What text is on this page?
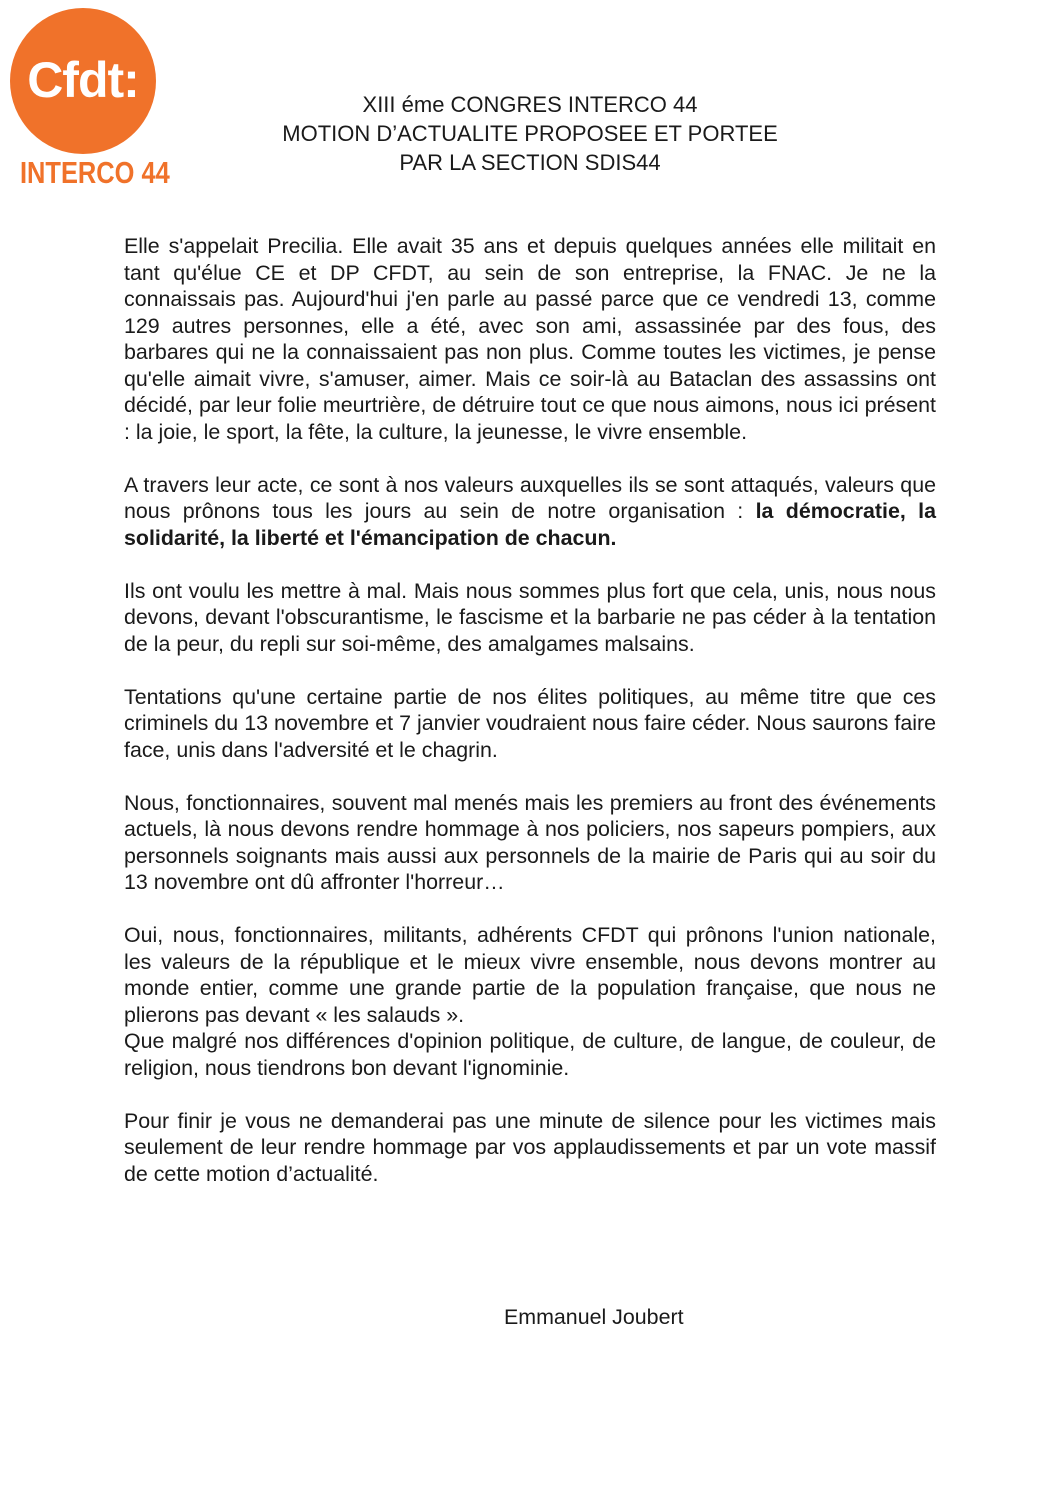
Cfdt:
INTERCO 44
XIII éme CONGRES INTERCO 44
MOTION D’ACTUALITE PROPOSEE ET PORTEE
PAR LA SECTION SDIS44

Elle s'appelait Precilia. Elle avait 35 ans et depuis quelques années elle militait en tant qu'élue CE et DP CFDT, au sein de son entreprise, la FNAC. Je ne la connaissais pas. Aujourd'hui j'en parle au passé parce que ce vendredi 13, comme 129 autres personnes, elle a été, avec son ami, assassinée par des fous, des barbares qui ne la connaissaient pas non plus. Comme toutes les victimes, je pense qu'elle aimait vivre, s'amuser, aimer. Mais ce soir-là au Bataclan des assassins ont décidé, par leur folie meurtrière, de détruire tout ce que nous aimons, nous ici présent : la joie, le sport, la fête, la culture, la jeunesse, le vivre ensemble.

A travers leur acte, ce sont à nos valeurs auxquelles ils se sont attaqués, valeurs que nous prônons tous les jours au sein de notre organisation : la démocratie, la solidarité, la liberté et l'émancipation de chacun.

Ils ont voulu les mettre à mal. Mais nous sommes plus fort que cela, unis, nous nous devons, devant l'obscurantisme, le fascisme et la barbarie ne pas céder à la tentation de la peur, du repli sur soi-même, des amalgames malsains.

Tentations qu'une certaine partie de nos élites politiques, au même titre que ces criminels du 13 novembre et 7 janvier voudraient nous faire céder. Nous saurons faire face, unis dans l'adversité et le chagrin.

Nous, fonctionnaires, souvent mal menés mais les premiers au front des événements actuels, là nous devons rendre hommage à nos policiers, nos sapeurs pompiers, aux personnels soignants mais aussi aux personnels de la mairie de Paris qui au soir du 13 novembre ont dû affronter l'horreur…

Oui, nous, fonctionnaires, militants, adhérents CFDT qui prônons l'union nationale, les valeurs de la république et le mieux vivre ensemble, nous devons montrer au monde entier, comme une grande partie de la population française, que nous ne plierons pas devant « les salauds ».

Que malgré nos différences d'opinion politique, de culture, de langue, de couleur, de religion, nous tiendrons bon devant l'ignominie.

Pour finir je vous ne demanderai pas une minute de silence pour les victimes mais seulement de leur rendre hommage par vos applaudissements et par un vote massif de cette motion d’actualité.

Emmanuel Joubert
